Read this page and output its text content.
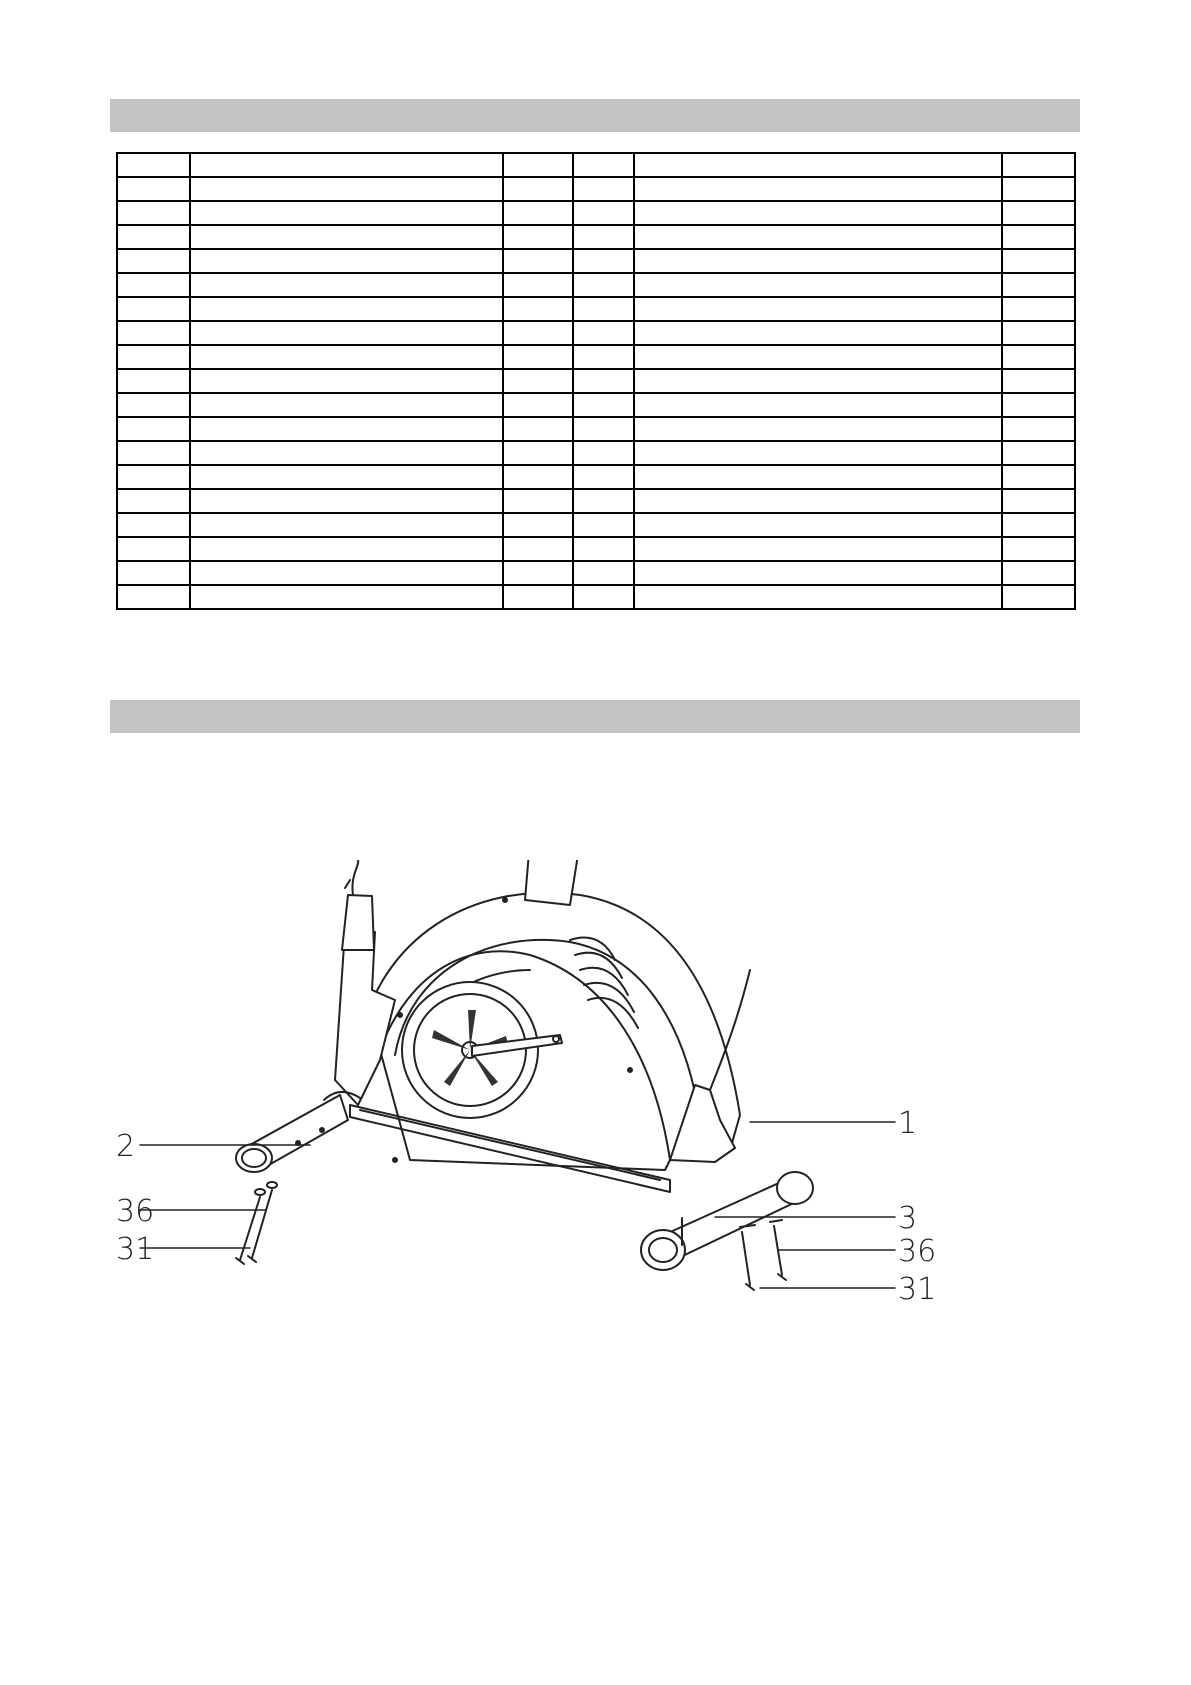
1
2
36
31
3
36
31
